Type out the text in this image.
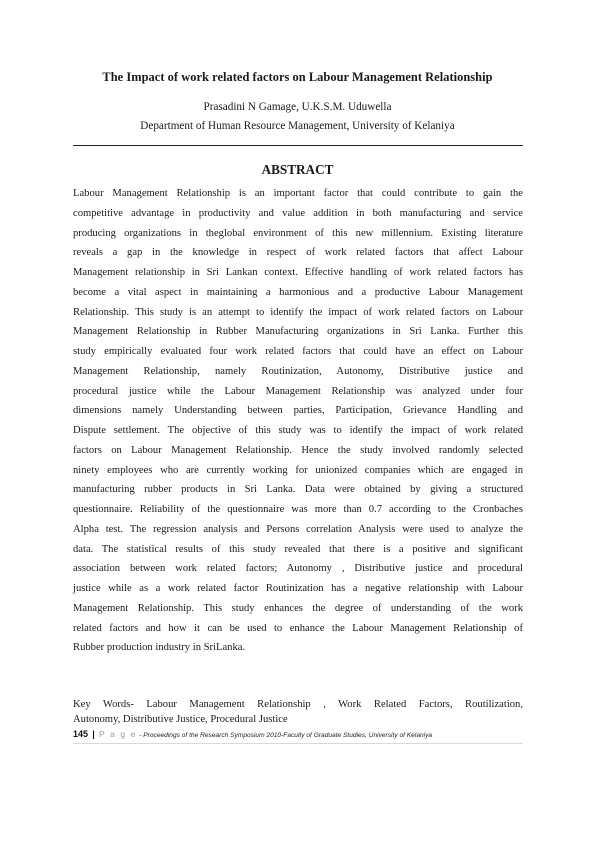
The Impact of work related factors on Labour Management Relationship
Prasadini N Gamage, U.K.S.M. Uduwella
Department of Human Resource Management, University of Kelaniya
ABSTRACT
Labour Management Relationship is an important factor that could contribute to gain the
competitive advantage in productivity and value addition in both manufacturing and service
producing organizations in theglobal environment of this new millennium. Existing literature
reveals a gap in the knowledge in respect of work related factors that affect Labour
Management relationship in Sri Lankan context. Effective handling of work related factors has
become a vital aspect in maintaining a harmonious and a productive Labour Management
Relationship. This study is an attempt to identify the impact of work related factors on Labour
Management Relationship in Rubber Manufacturing organizations in Sri Lanka. Further this
study empirically evaluated four work related factors that could have an effect on Labour
Management Relationship, namely Routinization, Autonomy, Distributive justice and
procedural justice while the Labour Management Relationship was analyzed under four
dimensions namely Understanding between parties, Participation, Grievance Handling and
Dispute settlement. The objective of this study was to identify the impact of work related
factors on Labour Management Relationship. Hence the study involved randomly selected
ninety employees who are currently working for unionized companies which are engaged in
manufacturing rubber products in Sri Lanka. Data were obtained by giving a structured
questionnaire. Reliability of the questionnaire was more than 0.7 according to the Cronbaches
Alpha test. The regression analysis and Persons correlation Analysis were used to analyze the
data. The statistical results of this study revealed that there is a positive and significant
association between work related factors; Autonomy , Distributive justice and procedural
justice while as a work related factor Routinization has a negative relationship with Labour
Management Relationship. This study enhances the degree of understanding of the work
related factors and how it can be used to enhance the Labour Management Relationship of
Rubber production industry in SriLanka.
Key Words- Labour Management Relationship , Work Related Factors, Routilization,
Autonomy, Distributive Justice, Procedural Justice
145 | P a g e - Proceedings of the Research Symposium 2010-Faculty of Graduate Studies, University of Kelaniya
